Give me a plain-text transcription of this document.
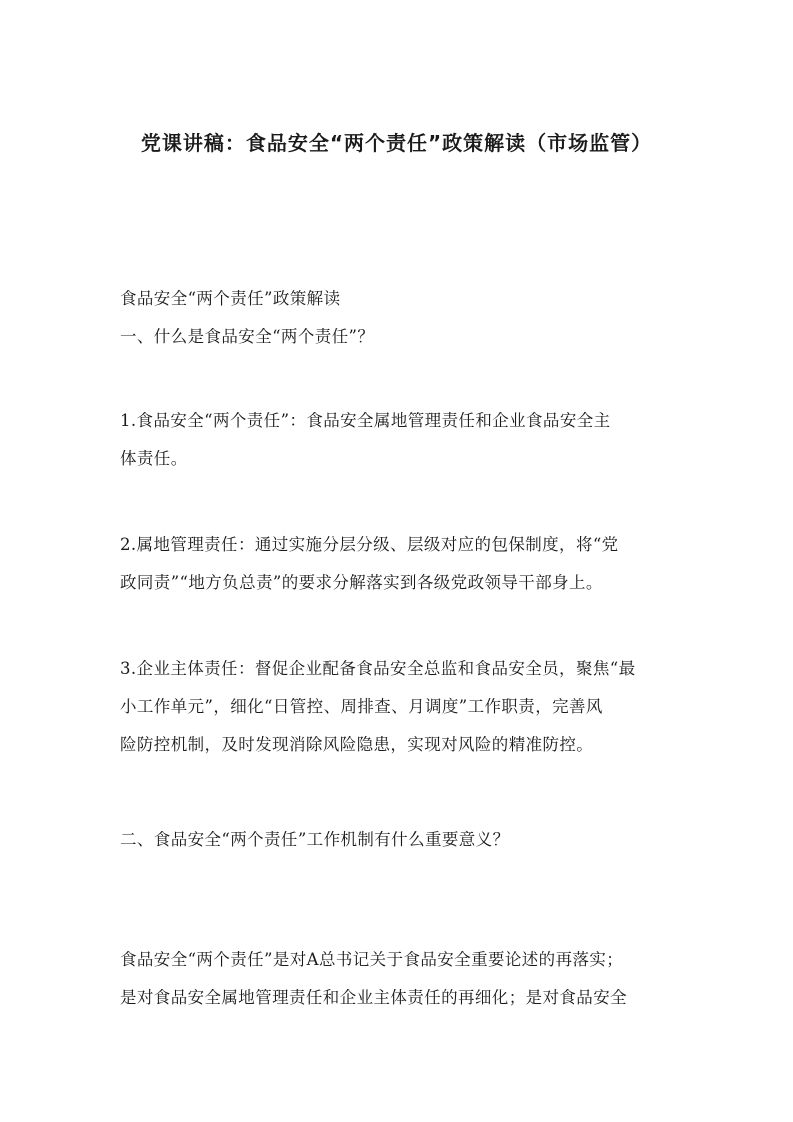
党课讲稿：食品安全“两个责任”政策解读（市场监管）

食品安全“两个责任”政策解读

一、什么是食品安全“两个责任”？

1.食品安全“两个责任”：食品安全属地管理责任和企业食品安全主
体责任。
2.属地管理责任：通过实施分层分级、层级对应的包保制度，将“党
政同责”“地方负总责”的要求分解落实到各级党政领导干部身上。
3.企业主体责任：督促企业配备食品安全总监和食品安全员，聚焦“最
小工作单元”，细化“日管控、周排查、月调度”工作职责，完善风
险防控机制，及时发现消除风险隐患，实现对风险的精准防控。

二、食品安全“两个责任”工作机制有什么重要意义？

食品安全“两个责任”是对A总书记关于食品安全重要论述的再落实；
是对食品安全属地管理责任和企业主体责任的再细化；是对食品安全
